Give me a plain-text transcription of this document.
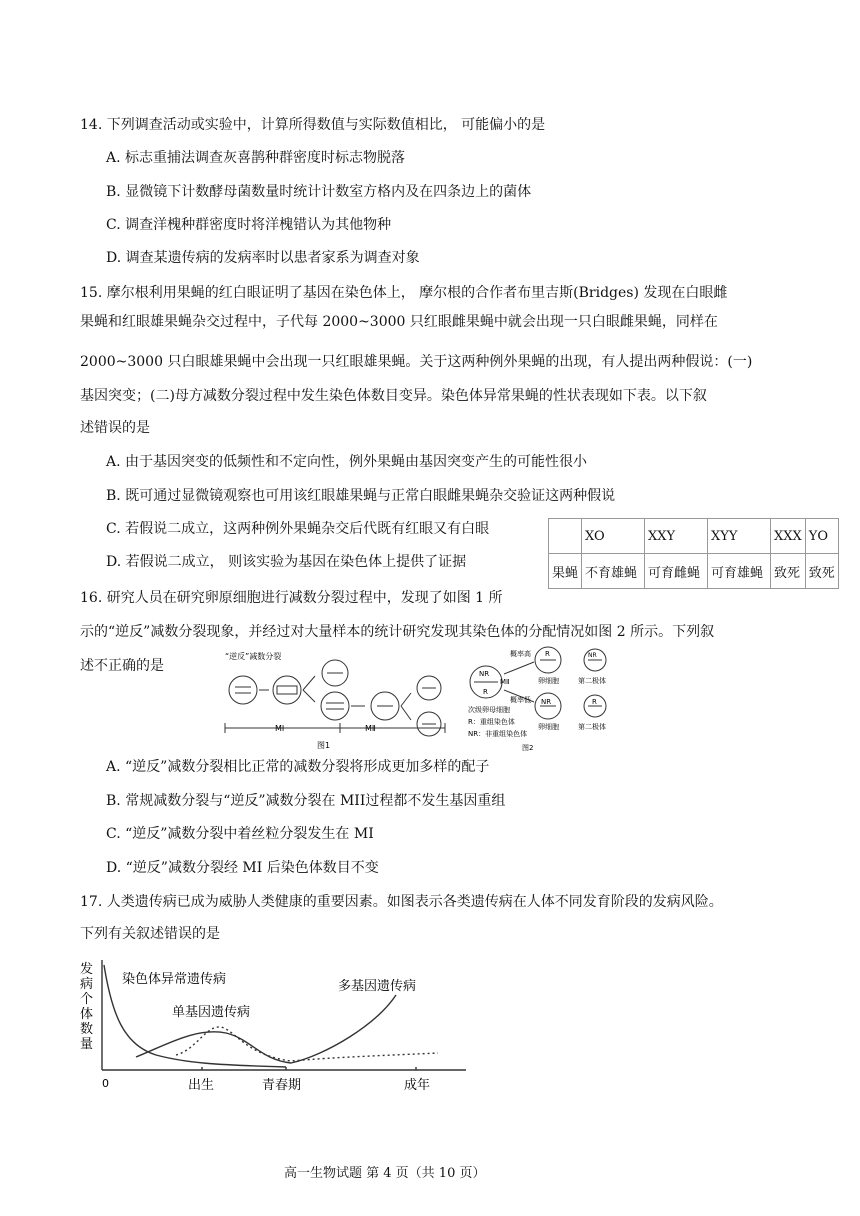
14. 下列调查活动或实验中，计算所得数值与实际数值相比， 可能偏小的是
A. 标志重捕法调查灰喜鹊种群密度时标志物脱落
B. 显微镜下计数酵母菌数量时统计计数室方格内及在四条边上的菌体
C. 调查洋槐种群密度时将洋槐错认为其他物种
D. 调查某遗传病的发病率时以患者家系为调查对象
15. 摩尔根利用果蝇的红白眼证明了基因在染色体上， 摩尔根的合作者布里吉斯(Bridges) 发现在白眼雌
果蝇和红眼雄果蝇杂交过程中，子代每 2000~3000 只红眼雌果蝇中就会出现一只白眼雌果蝇，同样在
2000~3000 只白眼雄果蝇中会出现一只红眼雄果蝇。关于这两种例外果蝇的出现，有人提出两种假说：(一)
基因突变；(二)母方减数分裂过程中发生染色体数目变异。染色体异常果蝇的性状表现如下表。以下叙
述错误的是
A. 由于基因突变的低频性和不定向性，例外果蝇由基因突变产生的可能性很小
B. 既可通过显微镜观察也可用该红眼雄果蝇与正常白眼雌果蝇杂交验证这两种假说
C. 若假说二成立，这两种例外果蝇杂交后代既有红眼又有白眼
D. 若假说二成立， 则该实验为基因在染色体上提供了证据
	XO	XXY	XYY	XXX	YO
果蝇	不育雄蝇	可育雌蝇	可育雄蝇	致死	致死
16. 研究人员在研究卵原细胞进行减数分裂过程中，发现了如图 1 所
示的“逆反”减数分裂现象，并经过对大量样本的统计研究发现其染色体的分配情况如图 2 所示。下列叙
述不正确的是
“逆反”减数分裂
MⅠ	MⅡ
图1
NR
R
MⅡ
概率高
概率低
R	NR
NR	R
卵细胞	第二极体
卵细胞	第二极体
次级卵母细胞
R：重组染色体
NR：非重组染色体
图2
A. “逆反”减数分裂相比正常的减数分裂将形成更加多样的配子
B. 常规减数分裂与“逆反”减数分裂在 MII过程都不发生基因重组
C. “逆反”减数分裂中着丝粒分裂发生在 MI
D. “逆反”减数分裂经 MI 后染色体数目不变
17. 人类遗传病已成为威胁人类健康的重要因素。如图表示各类遗传病在人体不同发育阶段的发病风险。
下列有关叙述错误的是
发
病
个
体
数
量
染色体异常遗传病
单基因遗传病
多基因遗传病
0	出生	青春期	成年
高一生物试题 第 4 页（共 10 页）
